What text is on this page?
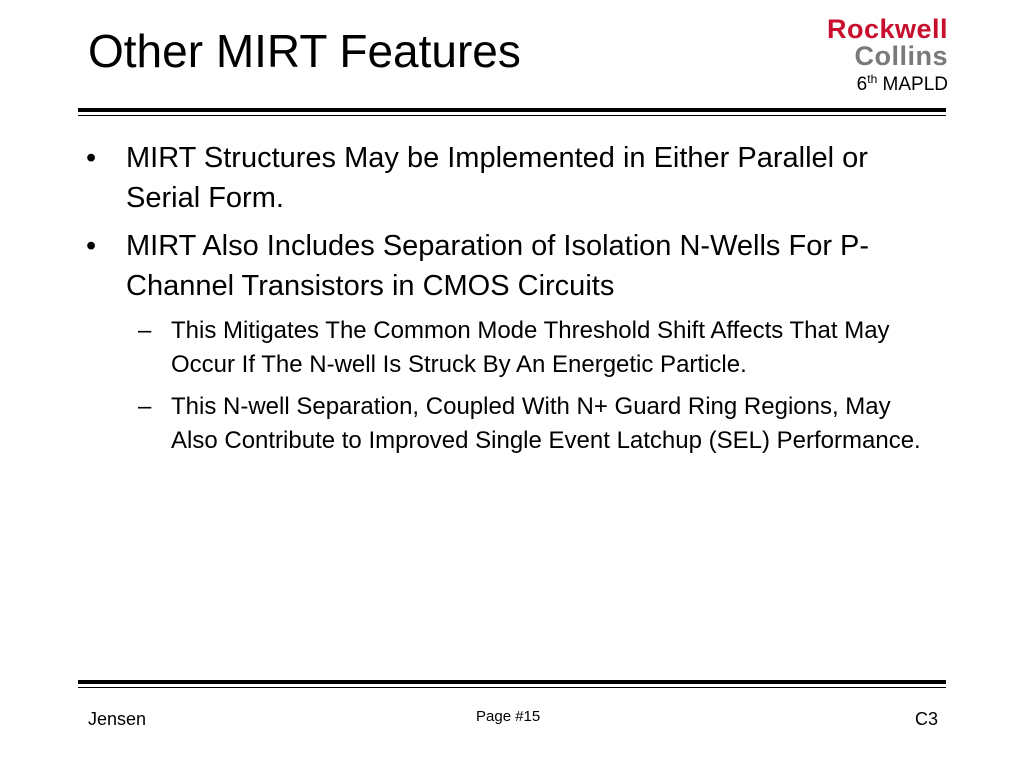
Other MIRT Features	Rockwell
Collins
6th MAPLD
•	MIRT Structures May be Implemented in Either Parallel or Serial Form.
•	MIRT Also Includes Separation of Isolation N-Wells For P-Channel Transistors in CMOS Circuits
– This Mitigates The Common Mode Threshold Shift Affects That May Occur If The N-well Is Struck By An Energetic Particle.
– This N-well Separation, Coupled With N+ Guard Ring Regions, May Also Contribute to Improved Single Event Latchup (SEL) Performance.
Jensen	Page #15	C3
